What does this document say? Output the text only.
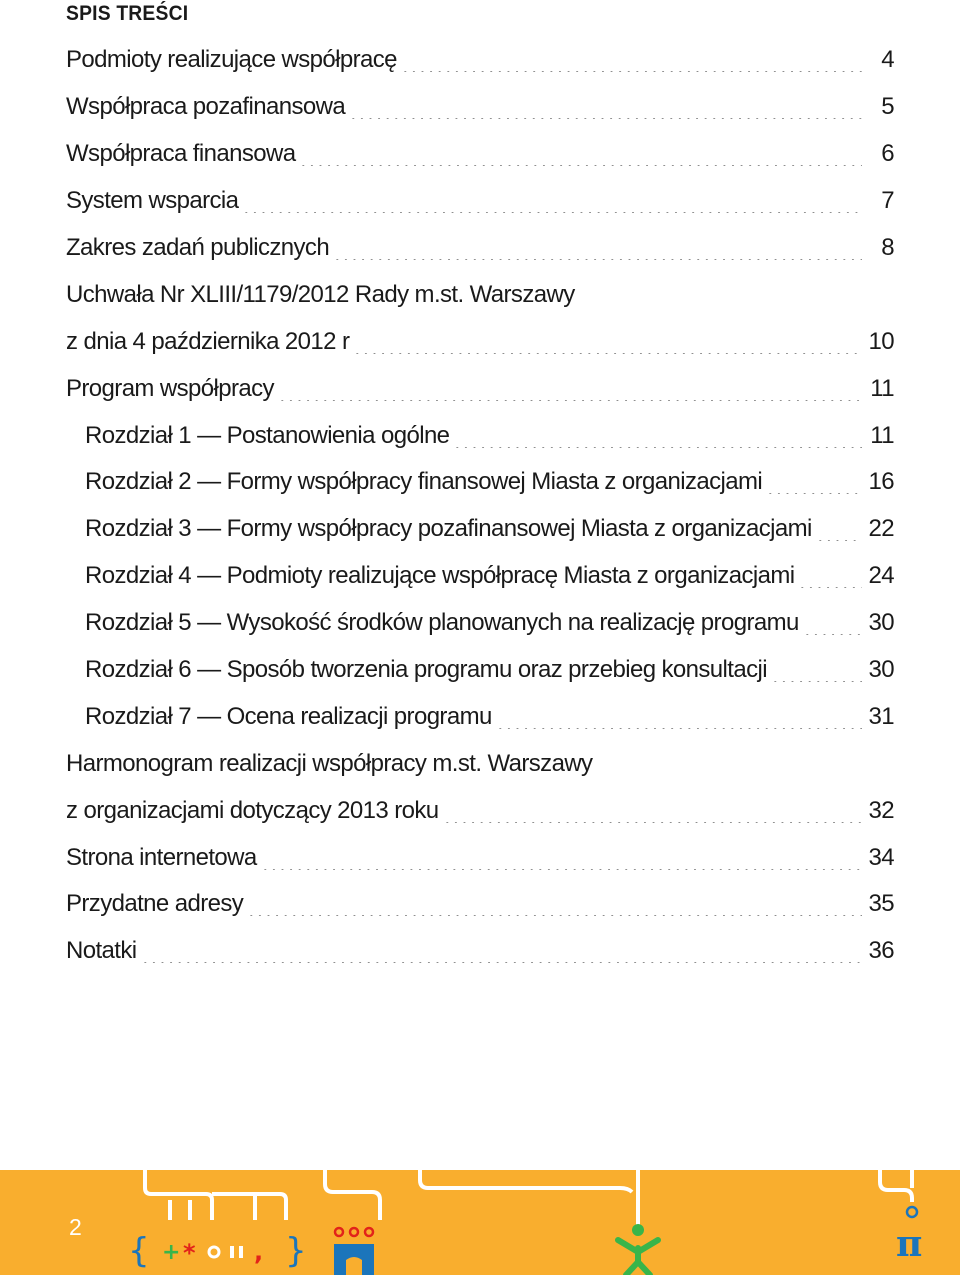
SPIS TREŚCI
Podmioty realizujące współpracę	4
Współpraca pozafinansowa	5
Współpraca finansowa	6
System wsparcia	7
Zakres zadań publicznych	8
Uchwała Nr XLIII/1179/2012 Rady m.st. Warszawy
z dnia 4 października 2012 r	10
Program współpracy	11
Rozdział 1 — Postanowienia ogólne	11
Rozdział 2 — Formy współpracy finansowej Miasta z organizacjami	16
Rozdział 3 — Formy współpracy pozafinansowej Miasta z organizacjami 22
Rozdział 4 — Podmioty realizujące współpracę Miasta z organizacjami	24
Rozdział 5 — Wysokość środków planowanych na realizację programu	30
Rozdział 6 — Sposób tworzenia programu oraz przebieg konsultacji	30
Rozdział 7 — Ocena realizacji programu	31
Harmonogram realizacji współpracy m.st. Warszawy
z organizacjami dotyczący 2013 roku	32
Strona internetowa	34
Przydatne adresy	35
Notatki	36
{ + * , }	π
2
